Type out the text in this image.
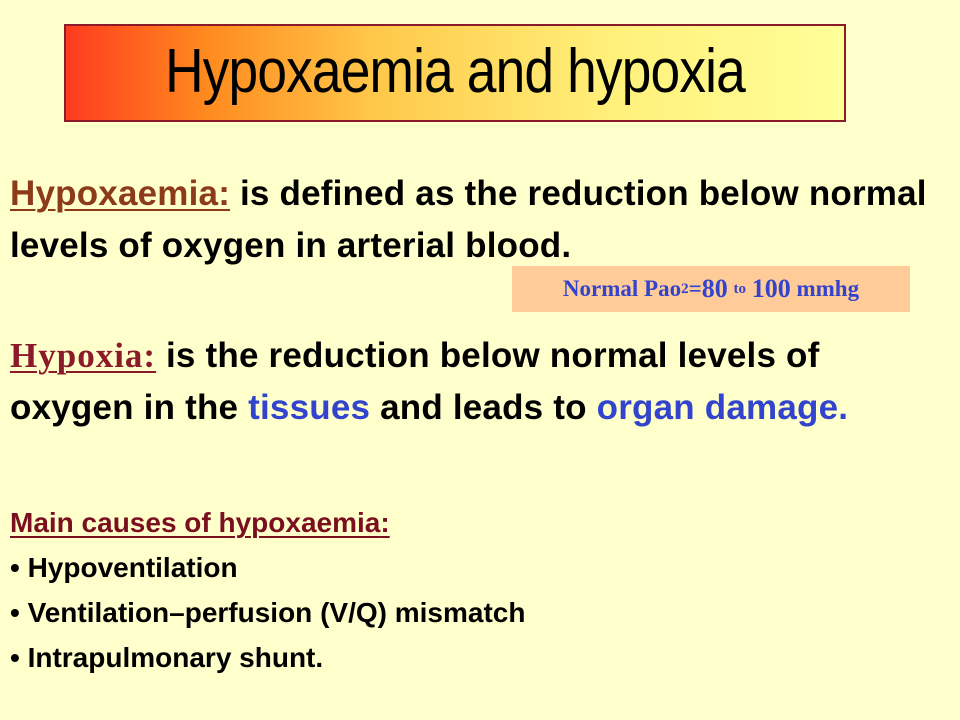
Hypoxaemia and hypoxia
Hypoxaemia: is defined as the reduction below normal levels of oxygen in arterial blood.
Normal Pao 2 = 80
to
100
mmhg
Hypoxia: is the reduction below normal levels of oxygen in the tissues and leads to organ damage.
Main causes of hypoxaemia:
• Hypoventilation
• Ventilation–perfusion (V/Q) mismatch
• Intrapulmonary shunt.
